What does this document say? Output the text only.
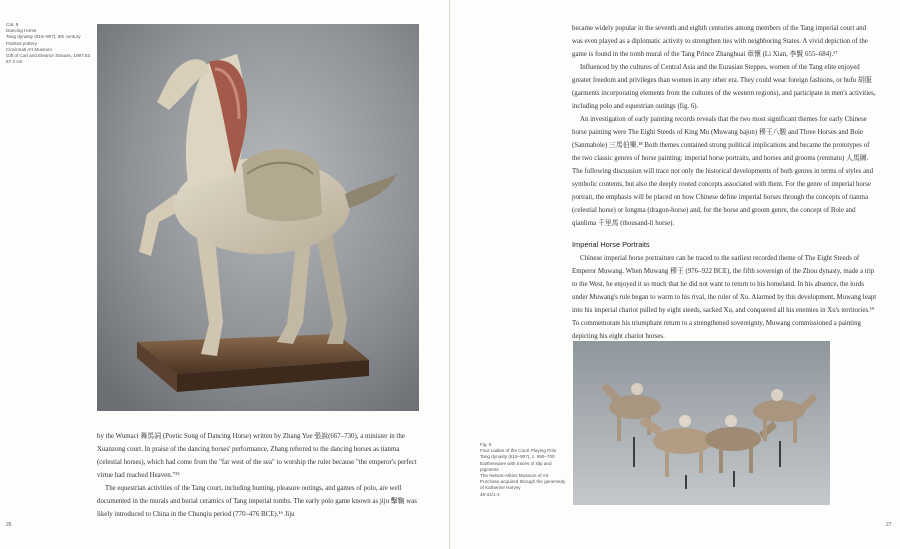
Cat. 9
Dancing Horse
Tang dynasty (618–907), 8th century
Painted pottery
Cincinnati Art Museum
Gift of Carl and Eleanor Strauss, 1997.53
67.3 cm

by the Wumaci 舞馬詞 (Poetic Song of Dancing Horse) written by Zhang Yue 張說(667–730), a minister in the Xuanzong court. In praise of the dancing horses' performance, Zhang referred to the dancing horses as tianma (celestial horses), which had come from the "far west of the sea" to worship the ruler because "the emperor's perfect virtue had reached Heaven."¹⁵

The equestrian activities of the Tang court, including hunting, pleasure outings, and games of polo, are well documented in the murals and burial ceramics of Tang imperial tombs. The early polo game known as jiju 擊鞠 was likely introduced to China in the Chunqiu period (770–476 BCE).¹⁶ Jiju

26

became widely popular in the seventh and eighth centuries among members of the Tang imperial court and was even played as a diplomatic activity to strengthen ties with neighboring States. A vivid depiction of the game is found in the tomb mural of the Tang Prince Zhanghuai 章懷 (Li Xian, 李賢 655–684).¹⁷

Influenced by the cultures of Central Asia and the Eurasian Steppes, women of the Tang elite enjoyed greater freedom and privileges than women in any other era. They could wear foreign fashions, or hufu 胡服 (garments incorporating elements from the cultures of the western regions), and participate in men's activities, including polo and equestrian outings (fig. 6).

An investigation of early painting records reveals that the two most significant themes for early Chinese horse painting were The Eight Steeds of King Mu (Muwang bajun) 穆王八駿 and Three Horses and Bole (Sanmabole) 三馬伯樂.¹⁸ Both themes contained strong political implications and became the prototypes of the two classic genres of horse painting: imperial horse portraits, and horses and grooms (renmatu) 人馬圖. The following discussion will trace not only the historical developments of both genres in terms of styles and symbolic contents, but also the deeply rooted concepts associated with them. For the genre of imperial horse portrait, the emphasis will be placed on how Chinese define imperial horses through the concepts of tianma (celestial horse) or longma (dragon-horse) and, for the horse and groom genre, the concept of Bole and qianlima 千里馬 (thousand-li horse).

Imperial Horse Portraits

Chinese imperial horse portraiture can be traced to the earliest recorded theme of The Eight Steeds of Emperor Muwang. When Muwang 穆王 (976–922 BCE), the fifth sovereign of the Zhou dynasty, made a trip to the West, he enjoyed it so much that he did not want to return to his homeland. In his absence, the lords under Muwang's rule began to warm to his rival, the ruler of Xu. Alarmed by this development, Muwang leapt into his imperial chariot pulled by eight steeds, sacked Xu, and conquered all his enemies in Xu's territories.¹⁹ To commemorate his triumphant return to a strengthened sovereignty, Muwang commissioned a painting depicting his eight chariot horses.

Fig. 6
Four Ladies of the Court Playing Polo
Tang dynasty (618–907), c. 650–700
Earthenware with traces of slip and
pigments
The Nelson-Atkins Museum of Art
Purchase acquired through the generosity
of Katherine Harvey
48-31/1-4
27
